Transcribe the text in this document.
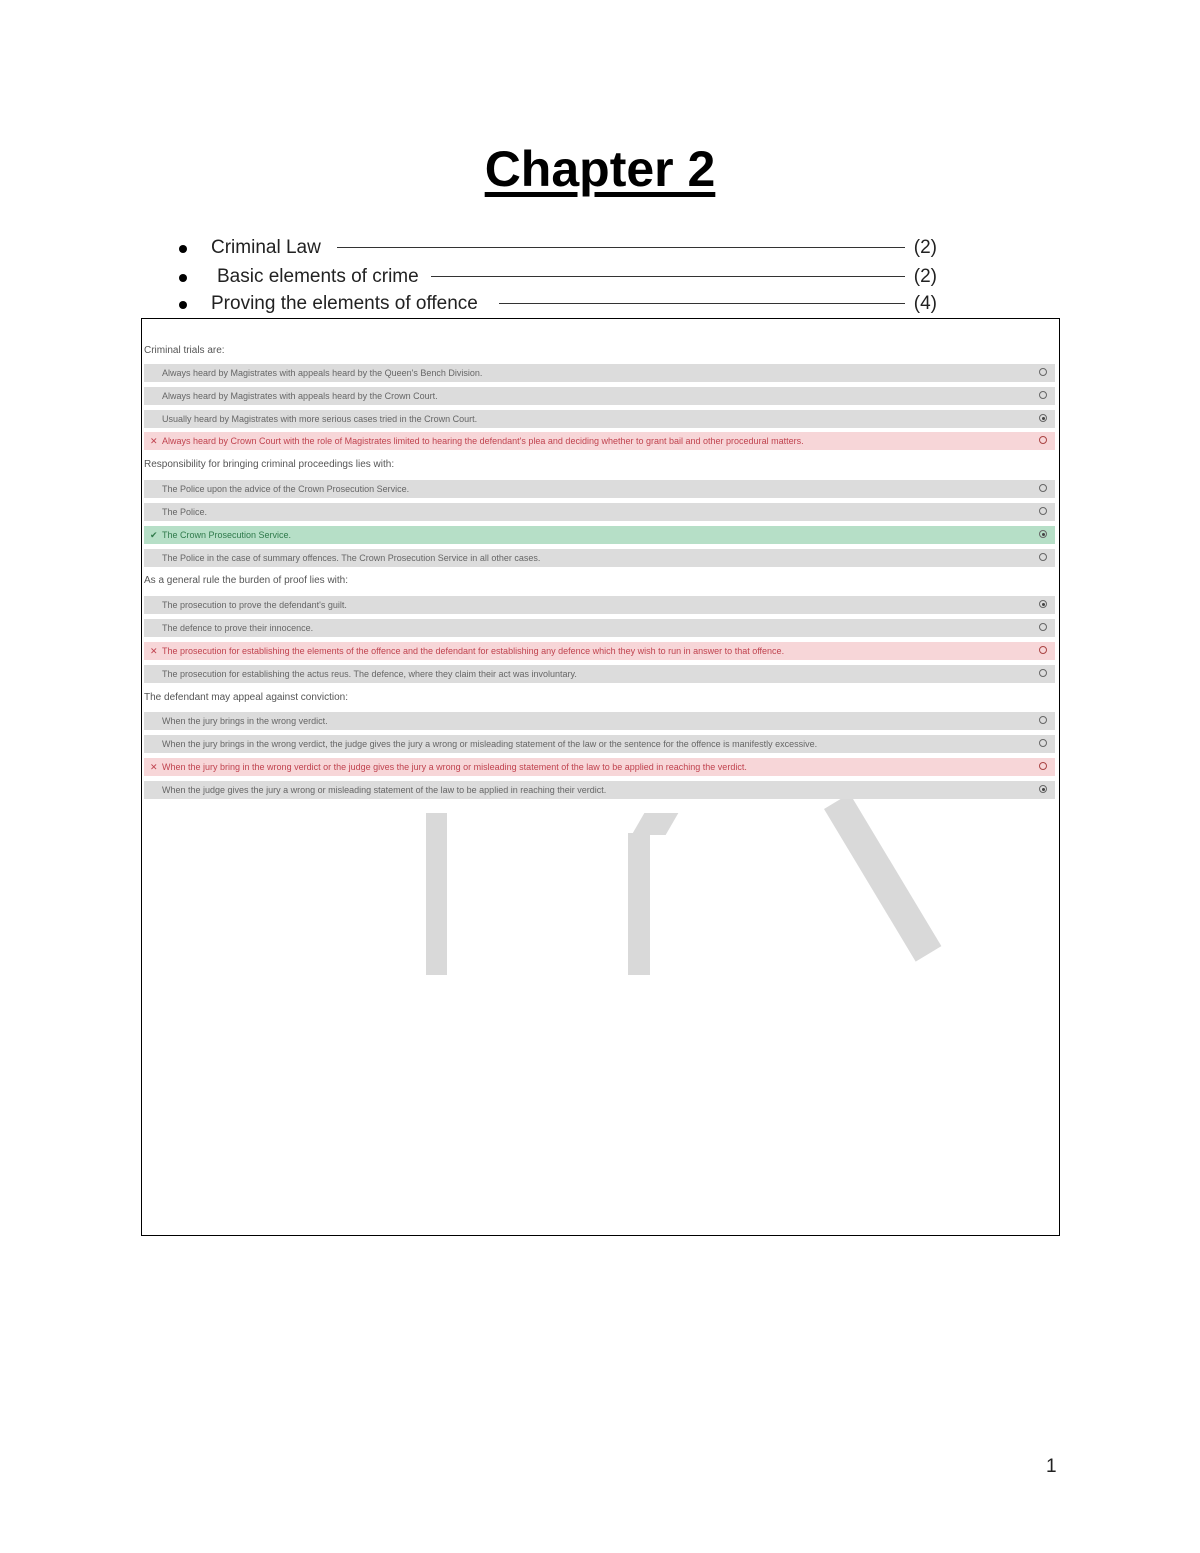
Chapter 2
Criminal Law	(2)
Basic elements of crime	(2)
Proving the elements of offence	(4)
Criminal trials are:
Always heard by Magistrates with appeals heard by the Queen's Bench Division.
Always heard by Magistrates with appeals heard by the Crown Court.
Usually heard by Magistrates with more serious cases tried in the Crown Court.
✕ Always heard by Crown Court with the role of Magistrates limited to hearing the defendant's plea and deciding whether to grant bail and other procedural matters.
Responsibility for bringing criminal proceedings lies with:
The Police upon the advice of the Crown Prosecution Service.
The Police.
✔ The Crown Prosecution Service.
The Police in the case of summary offences. The Crown Prosecution Service in all other cases.
As a general rule the burden of proof lies with:
The prosecution to prove the defendant's guilt.
The defence to prove their innocence.
✕ The prosecution for establishing the elements of the offence and the defendant for establishing any defence which they wish to run in answer to that offence.
The prosecution for establishing the actus reus. The defence, where they claim their act was involuntary.
The defendant may appeal against conviction:
When the jury brings in the wrong verdict.
When the jury brings in the wrong verdict, the judge gives the jury a wrong or misleading statement of the law or the sentence for the offence is manifestly excessive.
✕ When the jury bring in the wrong verdict or the judge gives the jury a wrong or misleading statement of the law to be applied in reaching the verdict.
When the judge gives the jury a wrong or misleading statement of the law to be applied in reaching their verdict.
1
